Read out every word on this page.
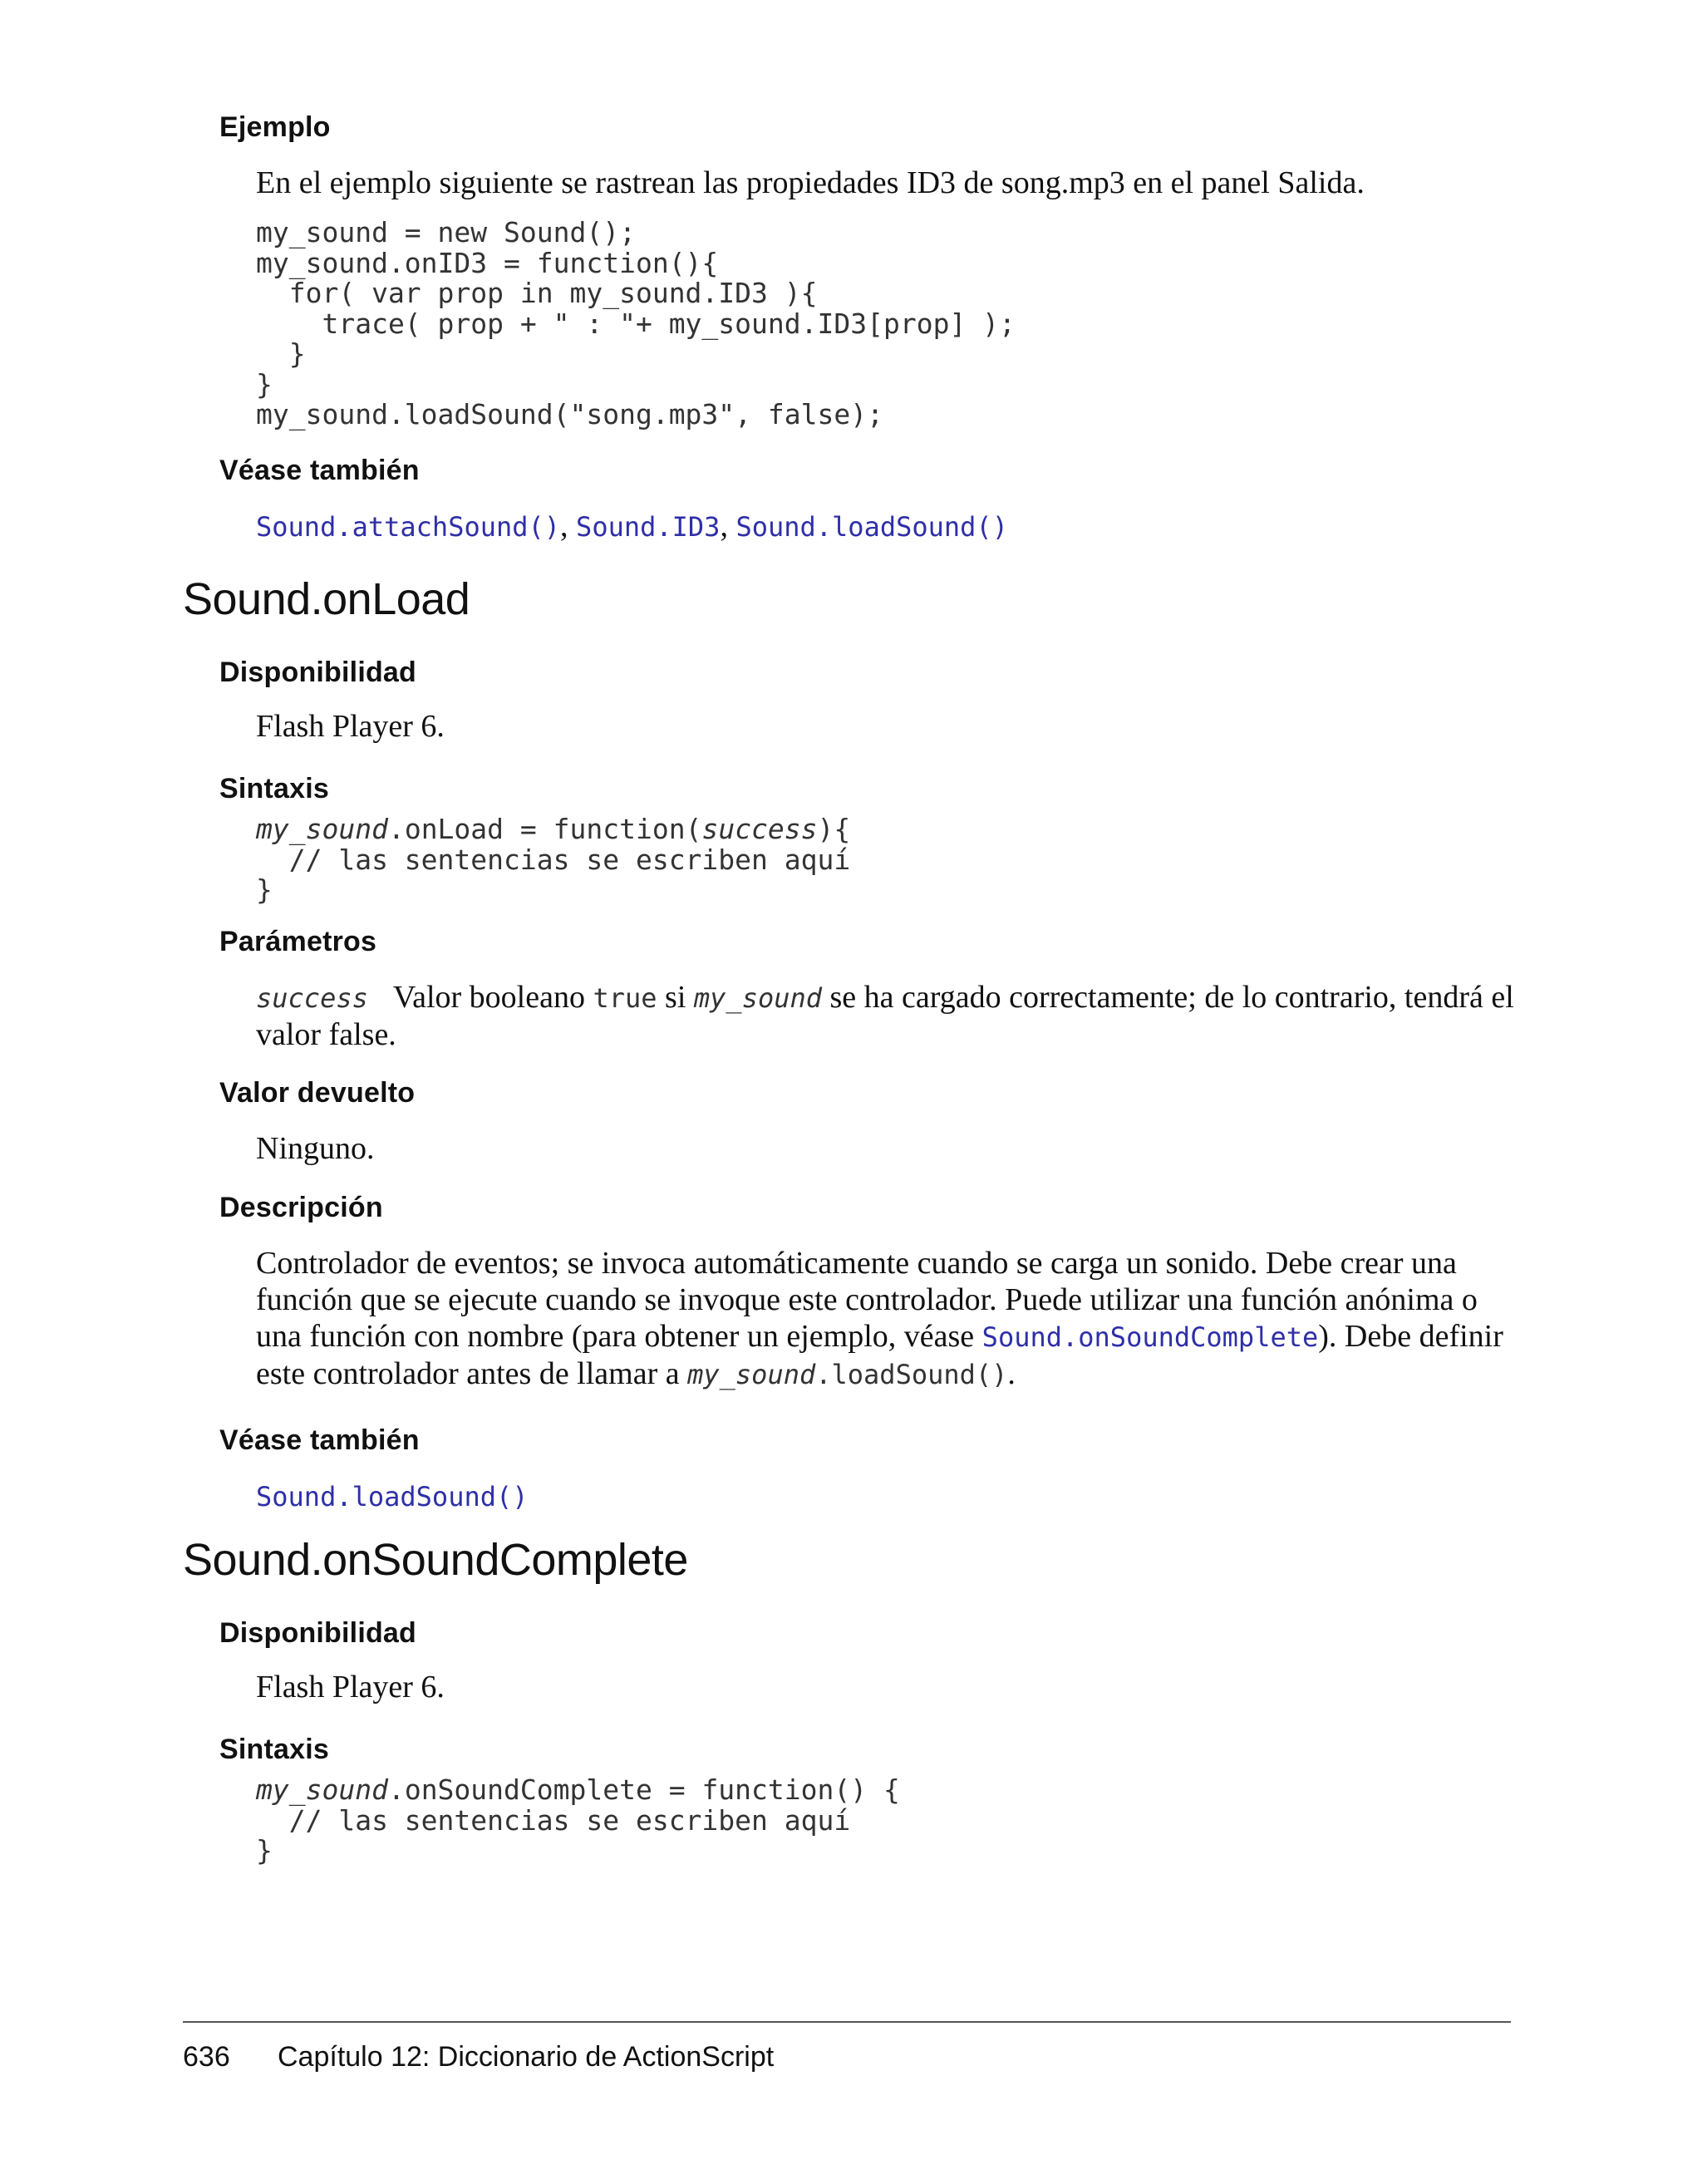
Ejemplo
En el ejemplo siguiente se rastrean las propiedades ID3 de song.mp3 en el panel Salida.
my_sound = new Sound();
my_sound.onID3 = function(){
for( var prop in my_sound.ID3 ){
trace( prop + " : "+ my_sound.ID3[prop] );
}
}
my_sound.loadSound("song.mp3", false);
Véase también
Sound.attachSound(), Sound.ID3, Sound.loadSound()
Sound.onLoad
Disponibilidad
Flash Player 6.
Sintaxis
my_sound.onLoad = function(success){
// las sentencias se escriben aquí
}
Parámetros
success Valor booleano true si my_sound se ha cargado correctamente; de lo contrario, tendrá el valor false.
Valor devuelto
Ninguno.
Descripción
Controlador de eventos; se invoca automáticamente cuando se carga un sonido. Debe crear una función que se ejecute cuando se invoque este controlador. Puede utilizar una función anónima o una función con nombre (para obtener un ejemplo, véase Sound.onSoundComplete). Debe definir este controlador antes de llamar a my_sound.loadSound().
Véase también
Sound.loadSound()
Sound.onSoundComplete
Disponibilidad
Flash Player 6.
Sintaxis
my_sound.onSoundComplete = function() {
// las sentencias se escriben aquí
}
636 Capítulo 12: Diccionario de ActionScript
